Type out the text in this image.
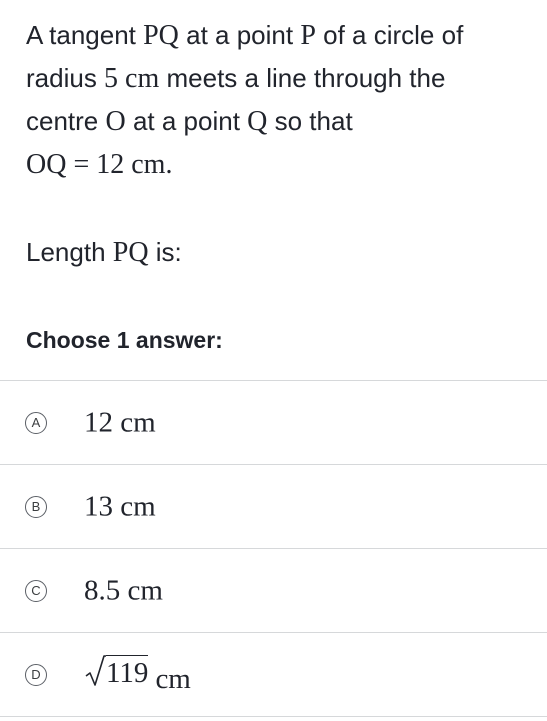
A tangent PQ at a point P of a circle of
radius 5 cm meets a line through the
centre O at a point Q so that
OQ = 12 cm.
Length PQ is:
Choose 1 answer:
A 12 cm
B 13 cm
C 8.5 cm
D 119 cm
